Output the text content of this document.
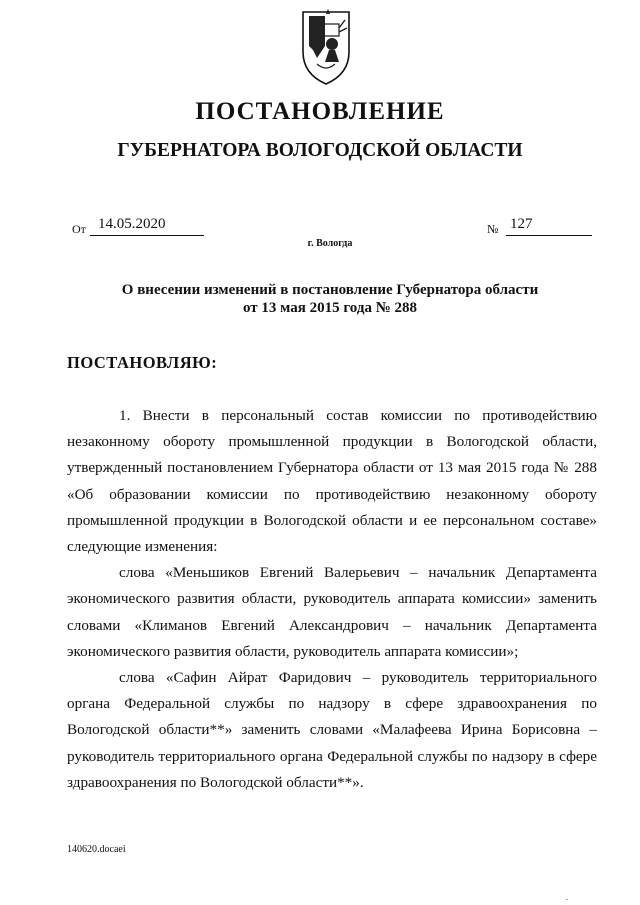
ПОСТАНОВЛЕНИЕ
ГУБЕРНАТОРА ВОЛОГОДСКОЙ ОБЛАСТИ
От 14.05.2020	№ 127
г. Вологда
О внесении изменений в постановление Губернатора области
от 13 мая 2015 года № 288
ПОСТАНОВЛЯЮ:

1. Внести в персональный состав комиссии по противодействию незаконному обороту промышленной продукции в Вологодской области, утвержденный постановлением Губернатора области от 13 мая 2015 года № 288 «Об образовании комиссии по противодействию незаконному обороту промышленной продукции в Вологодской области и ее персональном составе» следующие изменения:

слова «Меньшиков Евгений Валерьевич – начальник Департамента экономического развития области, руководитель аппарата комиссии» заменить словами «Климанов Евгений Александрович – начальник Департамента экономического развития области, руководитель аппарата комиссии»;

слова «Сафин Айрат Фаридович – руководитель территориального органа Федеральной службы по надзору в сфере здравоохранения по Вологодской области**» заменить словами «Малафеева Ирина Борисовна – руководитель территориального органа Федеральной службы по надзору в сфере здравоохранения по Вологодской области**».

140620.docaei
.
